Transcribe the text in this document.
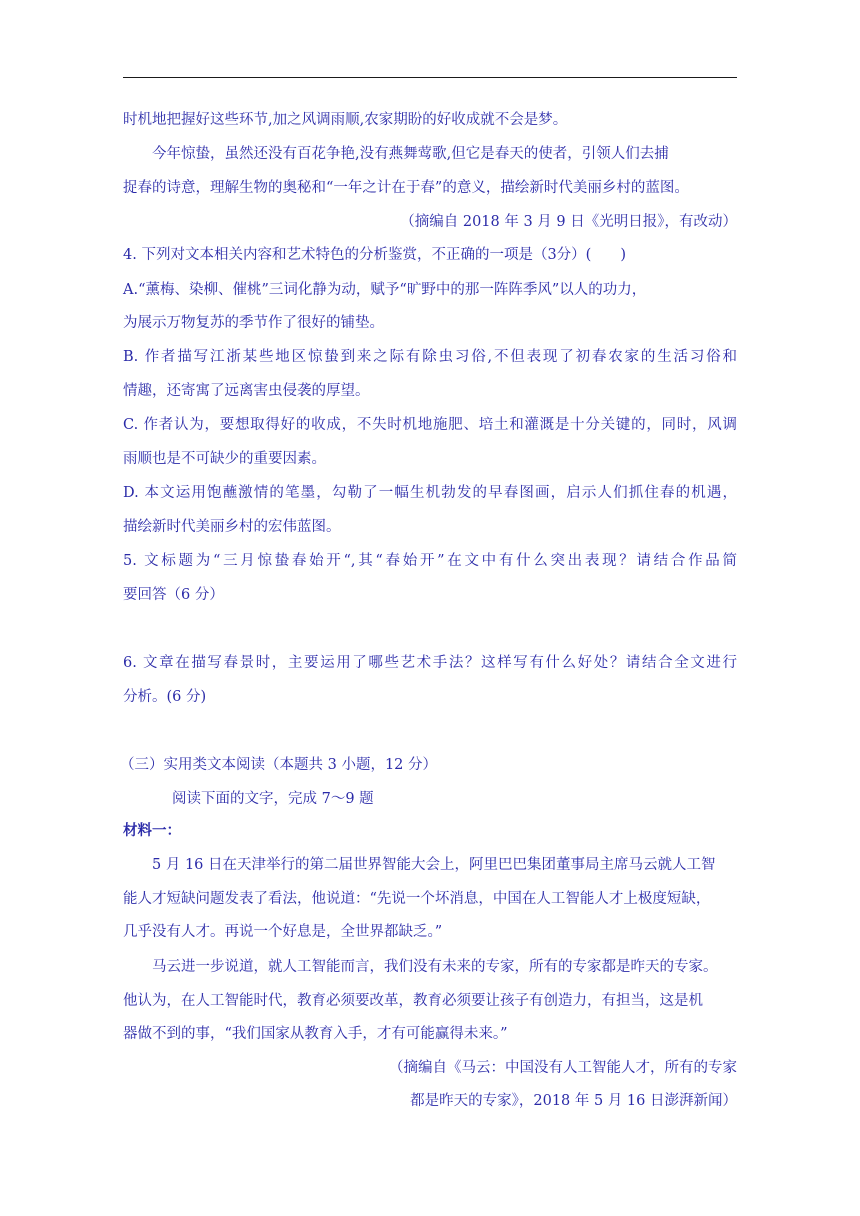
时机地把握好这些环节,加之风调雨顺,农家期盼的好收成就不会是梦。
今年惊蛰，虽然还没有百花争艳,没有燕舞莺歌,但它是春天的使者，引领人们去捕
捉春的诗意，理解生物的奥秘和“一年之计在于春”的意义，描绘新时代美丽乡村的蓝图。
（摘编自 2018 年 3 月 9 日《光明日报》，有改动）
4. 下列对文本相关内容和艺术特色的分析鉴赏，不正确的一项是（3分）(　　)
A.“薰梅、染柳、催桃”三词化静为动，赋予“旷野中的那一阵阵季风”以人的功力，
为展示万物复苏的季节作了很好的铺垫。
B. 作者描写江浙某些地区惊蛰到来之际有除虫习俗,不但表现了初春农家的生活习俗和
情趣，还寄寓了远离害虫侵袭的厚望。
C. 作者认为，要想取得好的收成，不失时机地施肥、培土和灌溉是十分关键的，同时，风调
雨顺也是不可缺少的重要因素。
D. 本文运用饱蘸激情的笔墨，勾勒了一幅生机勃发的早春图画，启示人们抓住春的机遇，
描绘新时代美丽乡村的宏伟蓝图。
5. 文标题为“三月惊蛰春始开“,其“春始开”在文中有什么突出表现？请结合作品简
要回答（6 分）
6. 文章在描写春景时，主要运用了哪些艺术手法？这样写有什么好处？请结合全文进行
分析。(6 分)
（三）实用类文本阅读（本题共 3 小题，12 分）
阅读下面的文字，完成 7～9 题
材料一：
5 月 16 日在天津举行的第二届世界智能大会上，阿里巴巴集团董事局主席马云就人工智
能人才短缺问题发表了看法，他说道：“先说一个坏消息，中国在人工智能人才上极度短缺，
几乎没有人才。再说一个好息是，全世界都缺乏。”
马云进一步说道，就人工智能而言，我们没有未来的专家，所有的专家都是昨天的专家。
他认为，在人工智能时代，教育必须要改革，教育必须要让孩子有创造力，有担当，这是机
器做不到的事，“我们国家从教育入手，才有可能赢得未来。”
（摘编自《马云：中国没有人工智能人才，所有的专家
都是昨天的专家》，2018 年 5 月 16 日澎湃新闻）
